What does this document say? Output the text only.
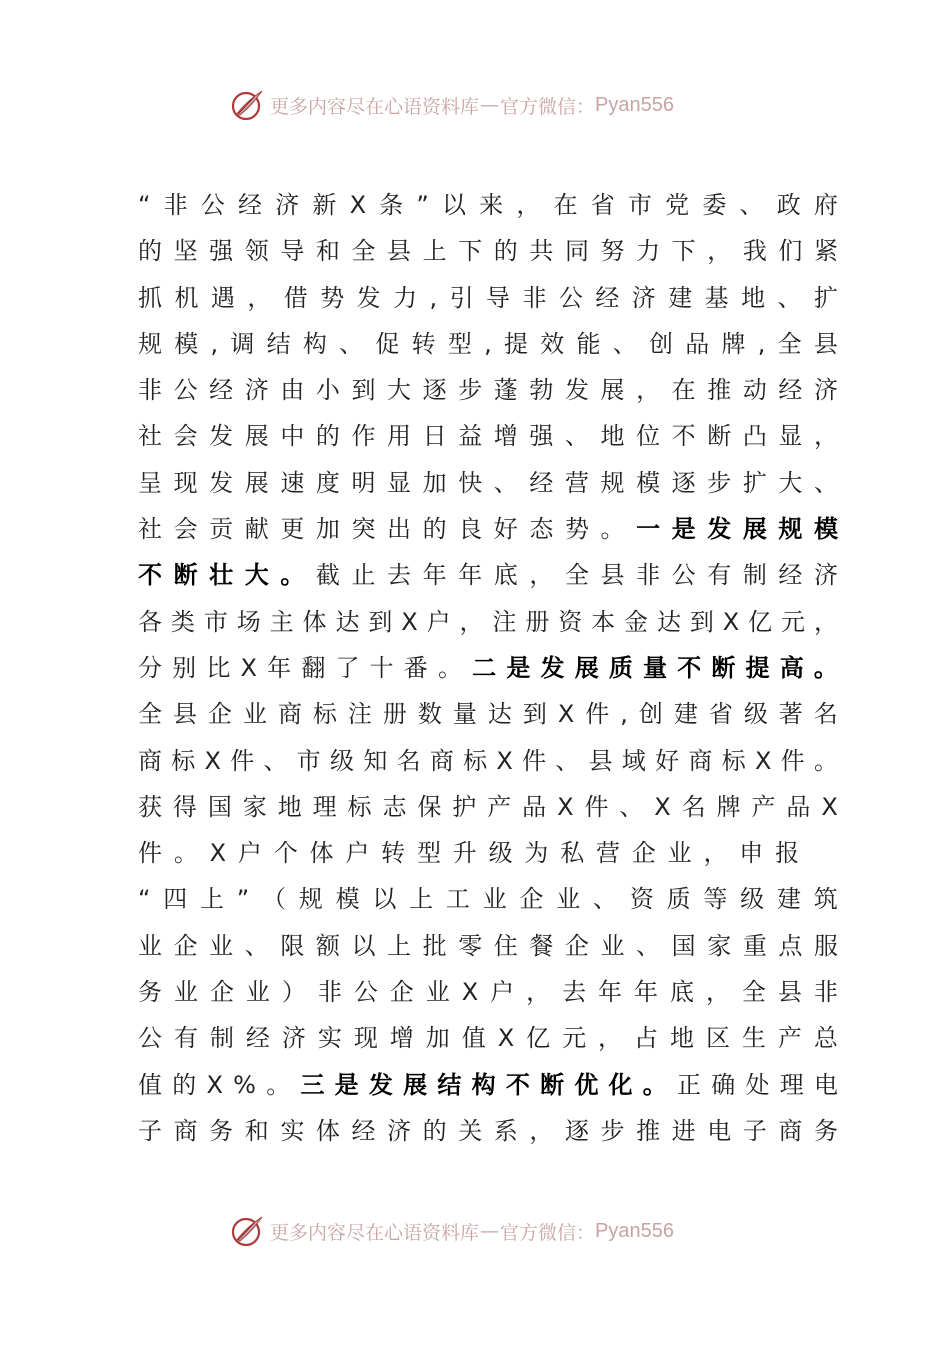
更多内容尽在心语资料库 — 官方微信： Pyan556
“ 非 公 经 济 新 X 条 ” 以 来 ， 在 省 市 党 委 、 政 府
的 坚 强 领 导 和 全 县 上 下 的 共 同 努 力 下 ， 我 们 紧
抓 机 遇 ， 借 势 发 力 , 引 导 非 公 经 济 建 基 地 、 扩
规 模 , 调 结 构 、 促 转 型 , 提 效 能 、 创 品 牌 , 全 县
非 公 经 济 由 小 到 大 逐 步 蓬 勃 发 展 ， 在 推 动 经 济
社 会 发 展 中 的 作 用 日 益 增 强 、 地 位 不 断 凸 显 ，
呈 现 发 展 速 度 明 显 加 快 、 经 营 规 模 逐 步 扩 大 、
社 会 贡 献 更 加 突 出 的 良 好 态 势 。 一 是 发 展 规 模
不 断 壮 大 。 截 止 去 年 年 底 ， 全 县 非 公 有 制 经 济
各 类 市 场 主 体 达 到 X 户 ， 注 册 资 本 金 达 到 X 亿 元 ，
分 别 比 X 年 翻 了 十 番 。 二 是 发 展 质 量 不 断 提 高 。
全 县 企 业 商 标 注 册 数 量 达 到 X 件 , 创 建 省 级 著 名
商 标 X 件 、 市 级 知 名 商 标 X 件 、 县 域 好 商 标 X 件 。
获 得 国 家 地 理 标 志 保 护 产 品 X 件 、 X 名 牌 产 品 X
件 。 X 户 个 体 户 转 型 升 级 为 私 营 企 业 ， 申 报
“ 四 上 ” （ 规 模 以 上 工 业 企 业 、 资 质 等 级 建 筑
业 企 业 、 限 额 以 上 批 零 住 餐 企 业 、 国 家 重 点 服
务 业 企 业 ） 非 公 企 业 X 户 ， 去 年 年 底 ， 全 县 非
公 有 制 经 济 实 现 增 加 值 X 亿 元 ， 占 地 区 生 产 总
值 的 X % 。 三 是 发 展 结 构 不 断 优 化 。 正 确 处 理 电
子 商 务 和 实 体 经 济 的 关 系 ， 逐 步 推 进 电 子 商 务
更多内容尽在心语资料库 — 官方微信： Pyan556
